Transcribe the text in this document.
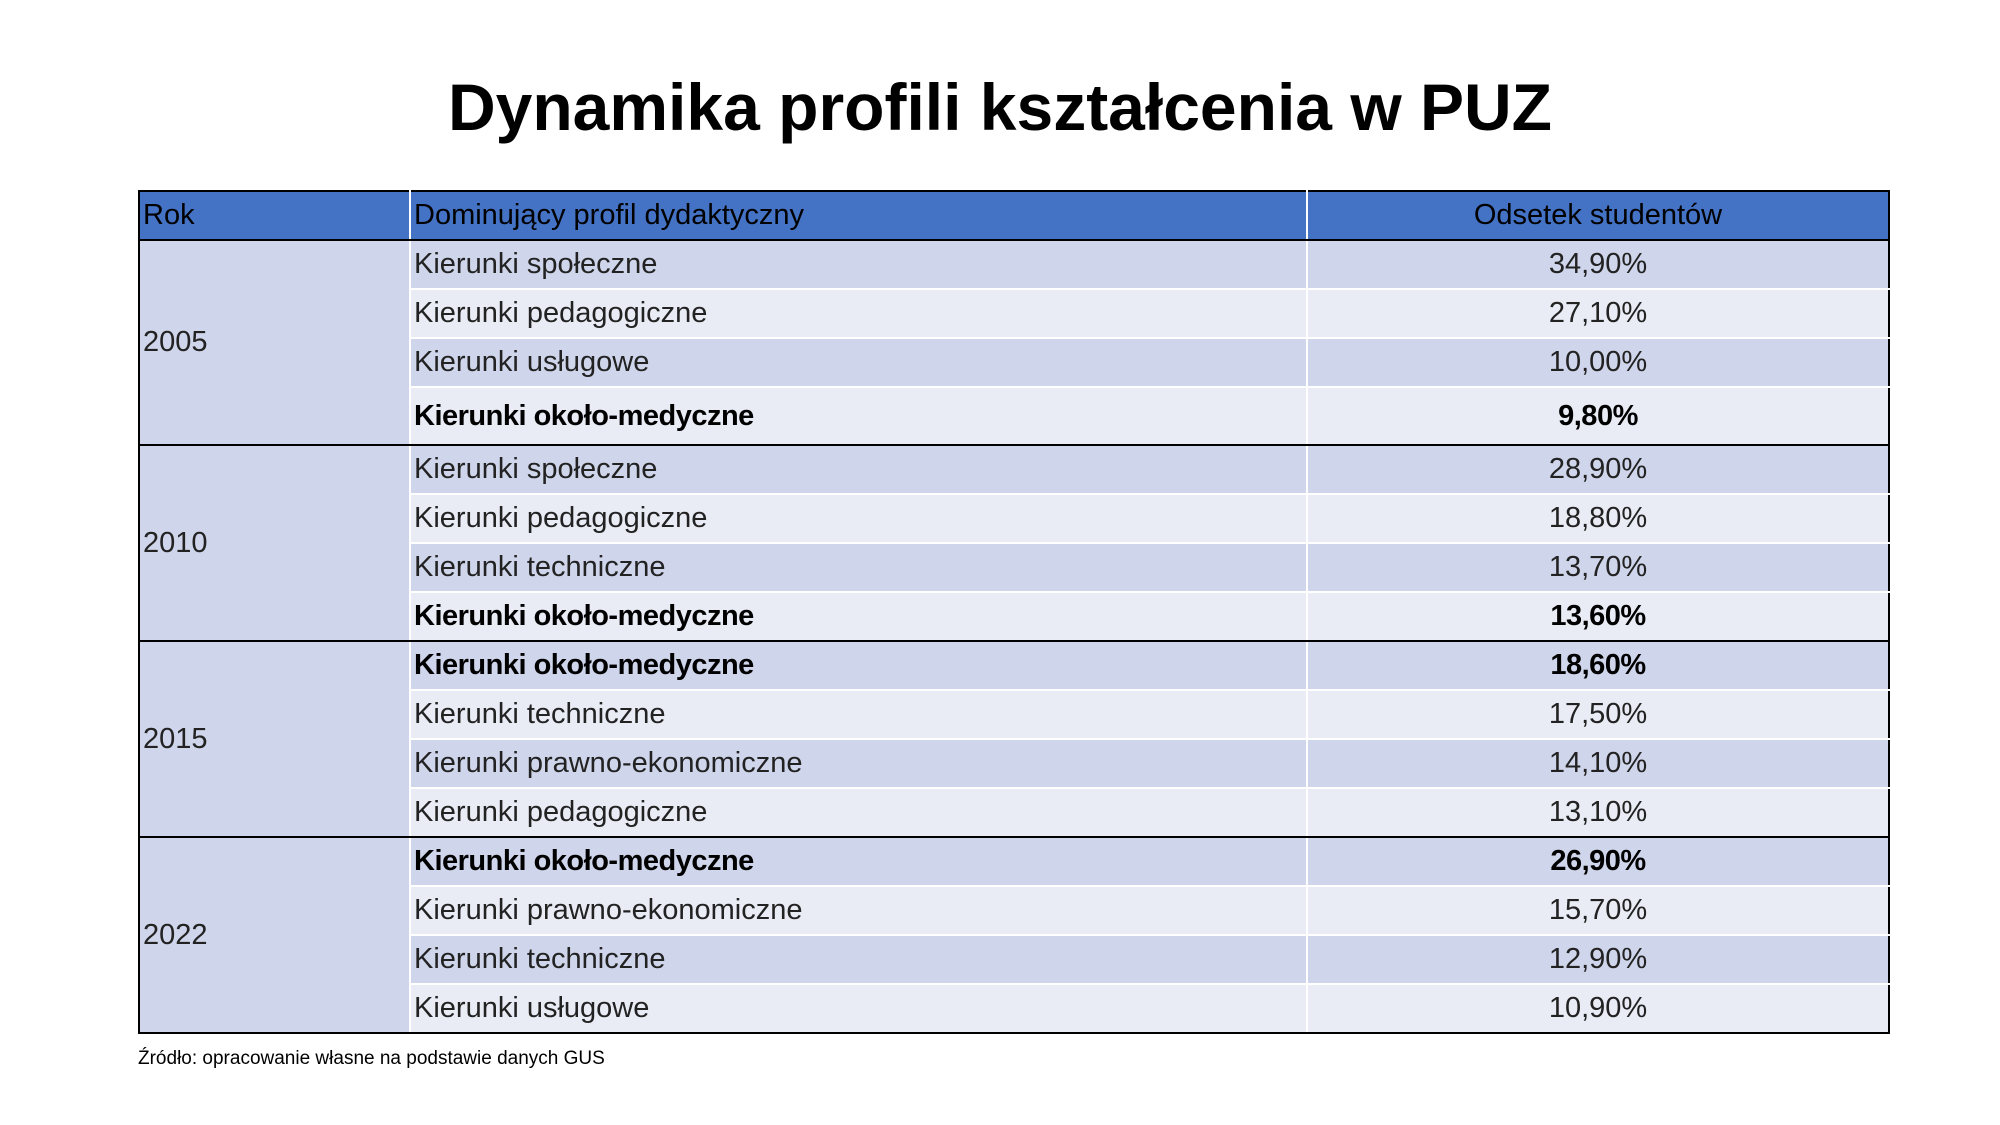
Dynamika profili kształcenia w PUZ
Rok	Dominujący profil dydaktyczny	Odsetek studentów
2005	Kierunki społeczne	34,90%
	Kierunki pedagogiczne	27,10%
	Kierunki usługowe	10,00%
	Kierunki około-medyczne	9,80%
2010	Kierunki społeczne	28,90%
	Kierunki pedagogiczne	18,80%
	Kierunki techniczne	13,70%
	Kierunki około-medyczne	13,60%
2015	Kierunki około-medyczne	18,60%
	Kierunki techniczne	17,50%
	Kierunki prawno-ekonomiczne	14,10%
	Kierunki pedagogiczne	13,10%
2022	Kierunki około-medyczne	26,90%
	Kierunki prawno-ekonomiczne	15,70%
	Kierunki techniczne	12,90%
	Kierunki usługowe	10,90%
Źródło: opracowanie własne na podstawie danych GUS
